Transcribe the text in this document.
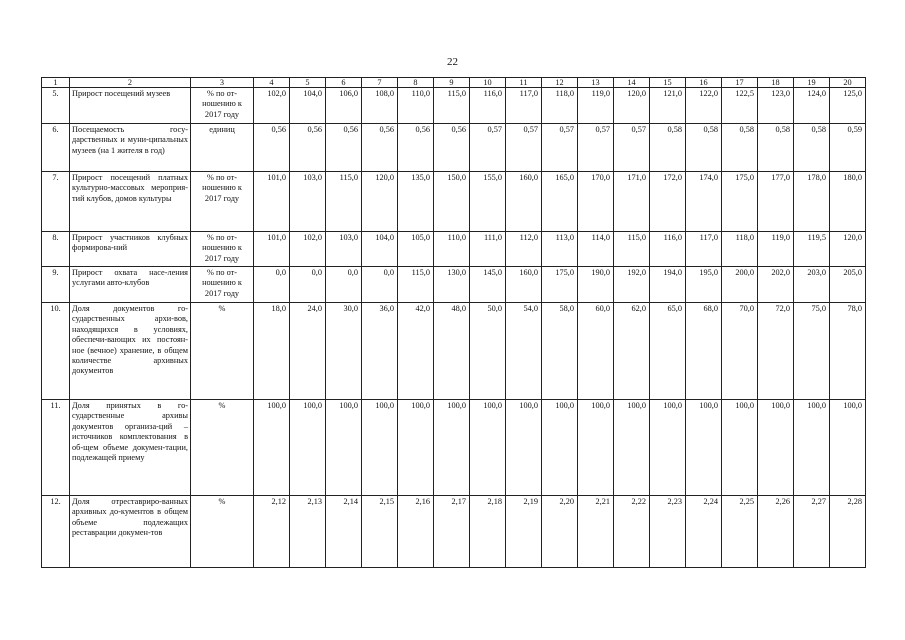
22
1	2	3	4	5	6	7	8	9	10	11	12	13	14	15	16	17	18	19	20
5.	Прирост посещений музеев	% по от-ношению к 2017 году	102,0	104,0	106,0	108,0	110,0	115,0	116,0	117,0	118,0	119,0	120,0	121,0	122,0	122,5	123,0	124,0	125,0
6.	Посещаемость госу-дарственных и муни-ципальных музеев (на 1 жителя в год)	единиц	0,56	0,56	0,56	0,56	0,56	0,56	0,57	0,57	0,57	0,57	0,57	0,58	0,58	0,58	0,58	0,58	0,59
7.	Прирост посещений платных культурно-массовых мероприя-тий клубов, домов культуры	% по от-ношению к 2017 году	101,0	103,0	115,0	120,0	135,0	150,0	155,0	160,0	165,0	170,0	171,0	172,0	174,0	175,0	177,0	178,0	180,0
8.	Прирост участников клубных формирова-ний	% по от-ношению к 2017 году	101,0	102,0	103,0	104,0	105,0	110,0	111,0	112,0	113,0	114,0	115,0	116,0	117,0	118,0	119,0	119,5	120,0
9.	Прирост охвата насе-ления услугами авто-клубов	% по от-ношению к 2017 году	0,0	0,0	0,0	0,0	115,0	130,0	145,0	160,0	175,0	190,0	192,0	194,0	195,0	200,0	202,0	203,0	205,0
10.	Доля документов го-сударственных архи-вов, находящихся в условиях, обеспечи-вающих их постоян-ное (вечное) хранение, в общем количестве архивных документов	%	18,0	24,0	30,0	36,0	42,0	48,0	50,0	54,0	58,0	60,0	62,0	65,0	68,0	70,0	72,0	75,0	78,0
11.	Доля принятых в го-сударственные архивы документов организа-ций – источников комплектования в об-щем объеме докумен-тации, подлежащей приему	%	100,0	100,0	100,0	100,0	100,0	100,0	100,0	100,0	100,0	100,0	100,0	100,0	100,0	100,0	100,0	100,0	100,0
12.	Доля отреставриро-ванных архивных до-кументов в общем объеме подлежащих реставрации докумен-тов	%	2,12	2,13	2,14	2,15	2,16	2,17	2,18	2,19	2,20	2,21	2,22	2,23	2,24	2,25	2,26	2,27	2,28
